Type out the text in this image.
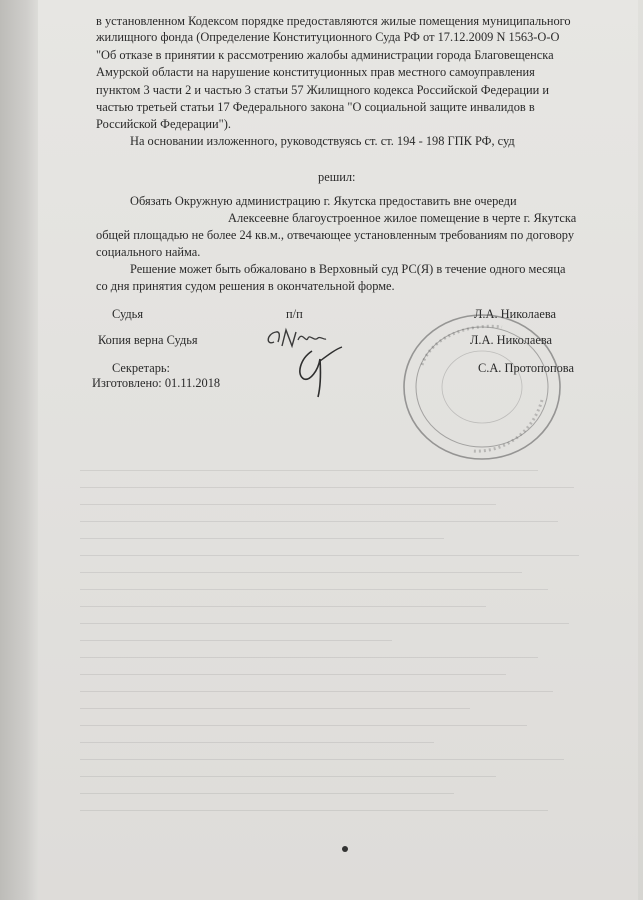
в установленном Кодексом порядке предоставляются жилые помещения муниципального
жилищного фонда (Определение Конституционного Суда РФ от 17.12.2009 N 1563-О-О
"Об отказе в принятии к рассмотрению жалобы администрации города Благовещенска
Амурской области на нарушение конституционных прав местного самоуправления
пунктом 3 части 2 и частью 3 статьи 57 Жилищного кодекса Российской Федерации и
частью третьей статьи 17 Федерального закона "О социальной защите инвалидов в
Российской Федерации").
На основании изложенного, руководствуясь ст. ст. 194 - 198 ГПК РФ, суд
решил:
Обязать Окружную администрацию г. Якутска предоставить вне очереди
Алексеевне благоустроенное жилое помещение в черте г. Якутска
общей площадью не более 24 кв.м., отвечающее установленным требованиям по договору
социального найма.
Решение может быть обжаловано в Верховный суд РС(Я) в течение одного месяца
со дня принятия судом решения в окончательной форме.
Судья	п/п	Л.А. Николаева
Копия верна Судья	Л.А. Николаева
Секретарь:	С.А. Протопопова
Изготовлено: 01.11.2018
